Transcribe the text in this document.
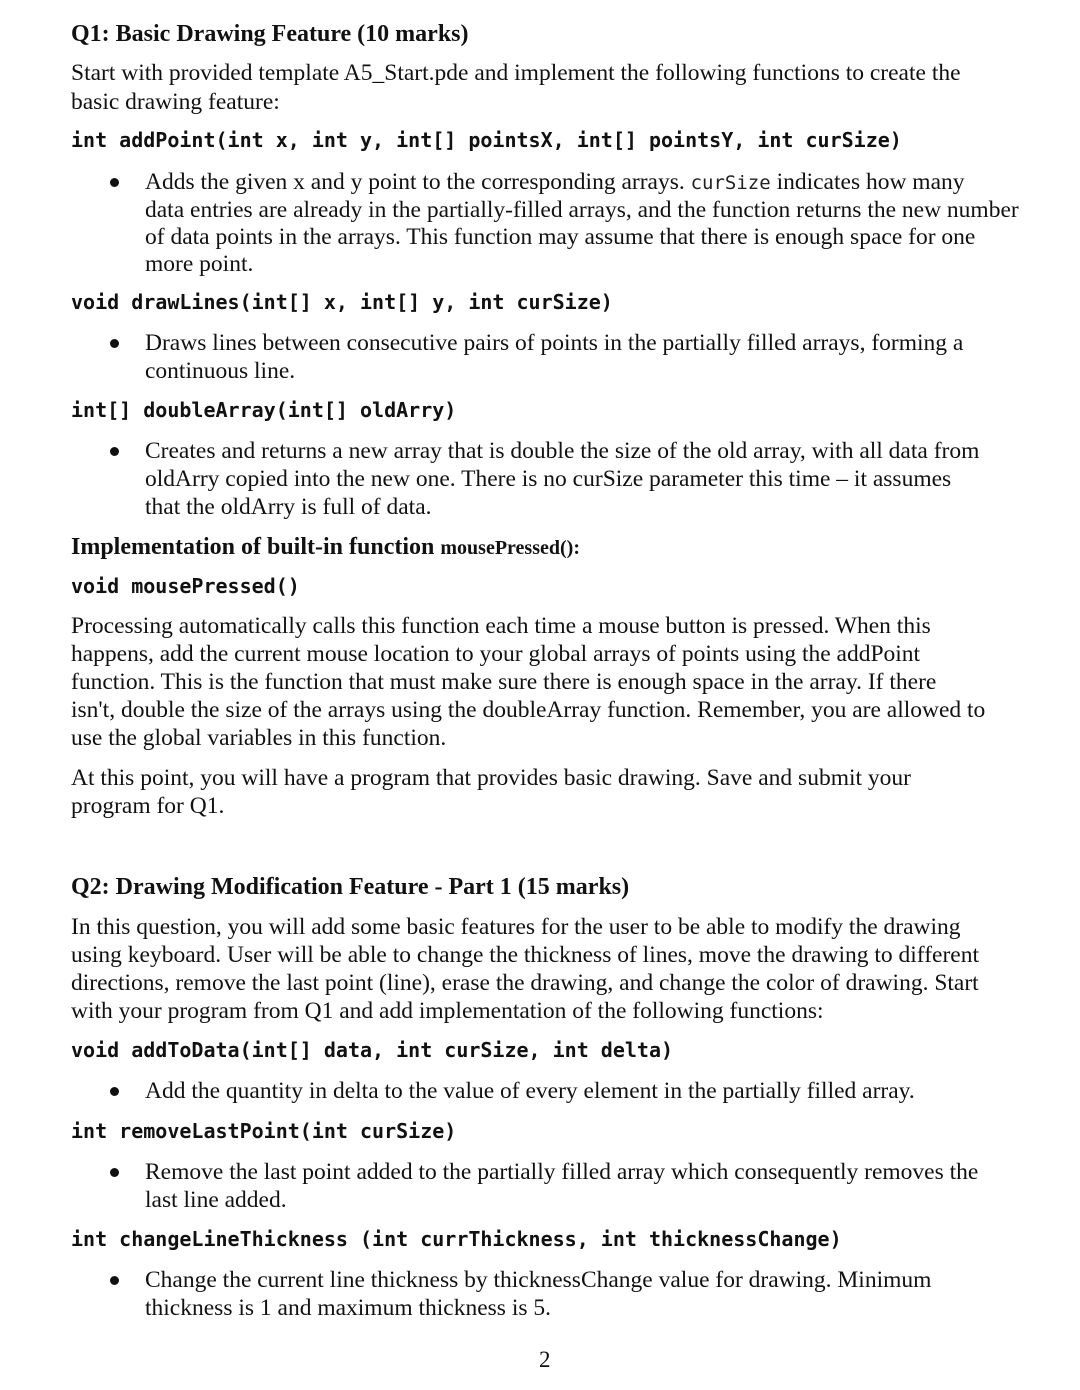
Q1: Basic Drawing Feature (10 marks)
Start with provided template A5_Start.pde and implement the following functions to create the
basic drawing feature:
int addPoint(int x, int y, int[] pointsX, int[] pointsY, int curSize)
Adds the given x and y point to the corresponding arrays. curSize indicates how many
data entries are already in the partially-filled arrays, and the function returns the new number
of data points in the arrays. This function may assume that there is enough space for one
more point.
void drawLines(int[] x, int[] y, int curSize)
Draws lines between consecutive pairs of points in the partially filled arrays, forming a
continuous line.
int[] doubleArray(int[] oldArry)
Creates and returns a new array that is double the size of the old array, with all data from
oldArry copied into the new one. There is no curSize parameter this time – it assumes
that the oldArry is full of data.
Implementation of built-in function mousePressed():
void mousePressed()
Processing automatically calls this function each time a mouse button is pressed. When this
happens, add the current mouse location to your global arrays of points using the addPoint
function. This is the function that must make sure there is enough space in the array. If there
isn't, double the size of the arrays using the doubleArray function. Remember, you are allowed to
use the global variables in this function.
At this point, you will have a program that provides basic drawing. Save and submit your
program for Q1.
Q2: Drawing Modification Feature - Part 1 (15 marks)
In this question, you will add some basic features for the user to be able to modify the drawing
using keyboard. User will be able to change the thickness of lines, move the drawing to different
directions, remove the last point (line), erase the drawing, and change the color of drawing. Start
with your program from Q1 and add implementation of the following functions:
void addToData(int[] data, int curSize, int delta)
Add the quantity in delta to the value of every element in the partially filled array.
int removeLastPoint(int curSize)
Remove the last point added to the partially filled array which consequently removes the
last line added.
int changeLineThickness (int currThickness, int thicknessChange)
Change the current line thickness by thicknessChange value for drawing. Minimum
thickness is 1 and maximum thickness is 5.
2
